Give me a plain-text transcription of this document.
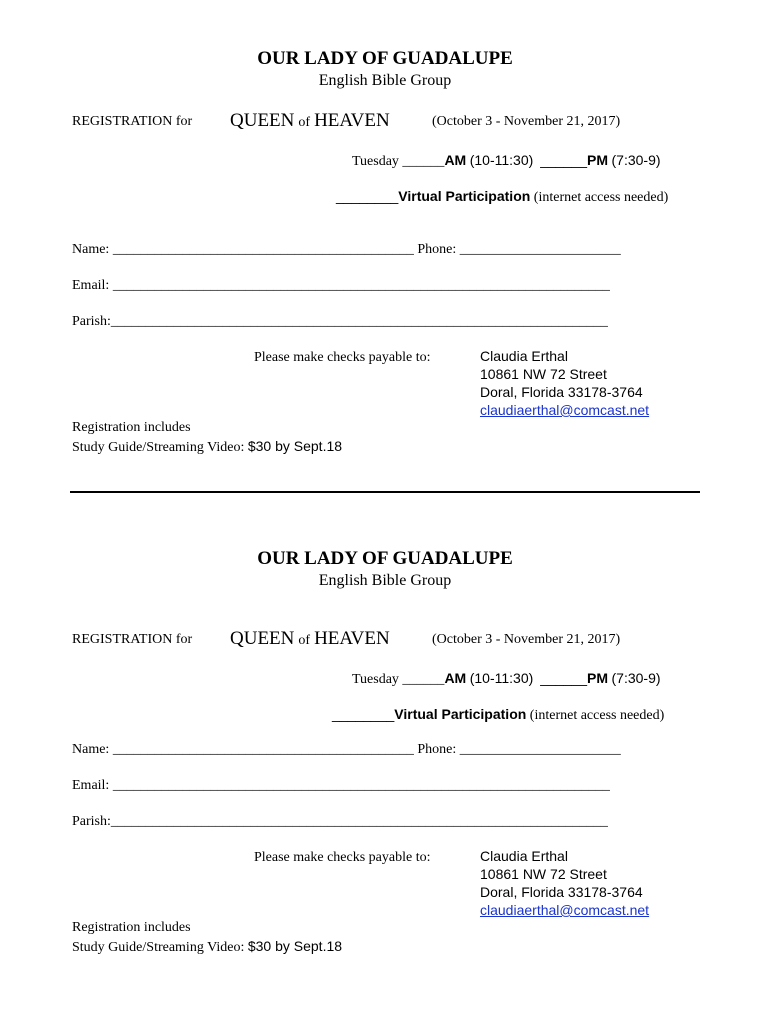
OUR LADY OF GUADALUPE
English Bible Group
REGISTRATION for QUEEN of HEAVEN	(October 3 - November 21, 2017)
Tuesday ______AM (10-11:30) ______PM (7:30-9)
________Virtual Participation (internet access needed)
Name: ___________________________________________ Phone: _______________________
Email: _______________________________________________________________________
Parish:_______________________________________________________________________
Please make checks payable to:	Claudia Erthal
10861 NW 72 Street
Doral, Florida 33178-3764
claudiaerthal@comcast.net
Registration includes
Study Guide/Streaming Video: $30 by Sept.18
OUR LADY OF GUADALUPE
English Bible Group
REGISTRATION for QUEEN of HEAVEN	(October 3 - November 21, 2017)
Tuesday ______AM (10-11:30) ______PM (7:30-9)
________Virtual Participation (internet access needed)
Name: ___________________________________________ Phone: _______________________
Email: _______________________________________________________________________
Parish:_______________________________________________________________________
Please make checks payable to:	Claudia Erthal
10861 NW 72 Street
Doral, Florida 33178-3764
claudiaerthal@comcast.net
Registration includes
Study Guide/Streaming Video: $30 by Sept.18
